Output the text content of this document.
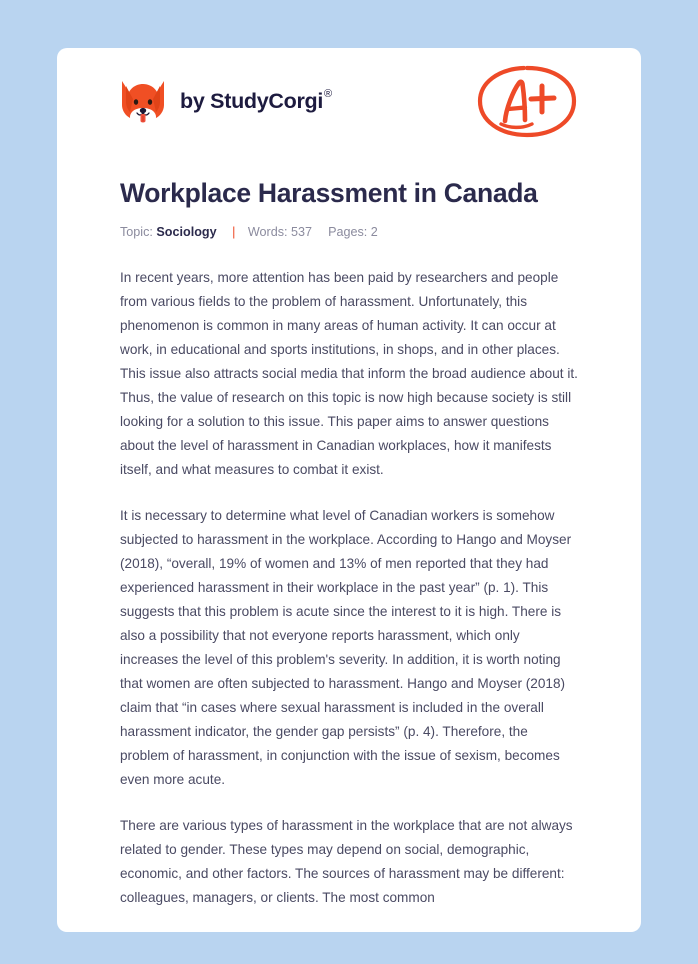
by StudyCorgi®
Workplace Harassment in Canada
Topic: Sociology | Words: 537 Pages: 2

In recent years, more attention has been paid by researchers and people from various fields to the problem of harassment. Unfortunately, this phenomenon is common in many areas of human activity. It can occur at work, in educational and sports institutions, in shops, and in other places. This issue also attracts social media that inform the broad audience about it. Thus, the value of research on this topic is now high because society is still looking for a solution to this issue. This paper aims to answer questions about the level of harassment in Canadian workplaces, how it manifests itself, and what measures to combat it exist.

It is necessary to determine what level of Canadian workers is somehow subjected to harassment in the workplace. According to Hango and Moyser (2018), “overall, 19% of women and 13% of men reported that they had experienced harassment in their workplace in the past year” (p. 1). This suggests that this problem is acute since the interest to it is high. There is also a possibility that not everyone reports harassment, which only increases the level of this problem's severity. In addition, it is worth noting that women are often subjected to harassment. Hango and Moyser (2018) claim that “in cases where sexual harassment is included in the overall harassment indicator, the gender gap persists” (p. 4). Therefore, the problem of harassment, in conjunction with the issue of sexism, becomes even more acute.

There are various types of harassment in the workplace that are not always related to gender. These types may depend on social, demographic, economic, and other factors. The sources of harassment may be different: colleagues, managers, or clients. The most common
